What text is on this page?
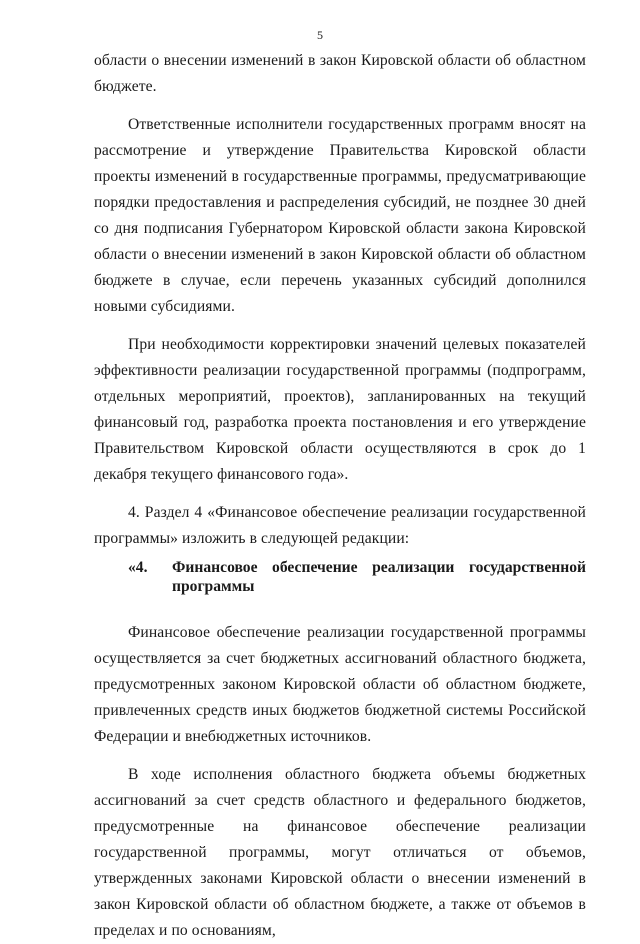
5

области о внесении изменений в закон Кировской области об областном бюджете.

Ответственные исполнители государственных программ вносят на рассмотрение и утверждение Правительства Кировской области проекты изменений в государственные программы, предусматривающие порядки предоставления и распределения субсидий, не позднее 30 дней со дня подписания Губернатором Кировской области закона Кировской области о внесении изменений в закон Кировской области об областном бюджете в случае, если перечень указанных субсидий дополнился новыми субсидиями.

При необходимости корректировки значений целевых показателей эффективности реализации государственной программы (подпрограмм, отдельных мероприятий, проектов), запланированных на текущий финансовый год, разработка проекта постановления и его утверждение Правительством Кировской области осуществляются в срок до 1 декабря текущего финансового года».

4. Раздел 4 «Финансовое обеспечение реализации государственной программы» изложить в следующей редакции:

«4.	Финансовое обеспечение реализации государственной программы

Финансовое обеспечение реализации государственной программы осуществляется за счет бюджетных ассигнований областного бюджета, предусмотренных законом Кировской области об областном бюджете, привлеченных средств иных бюджетов бюджетной системы Российской Федерации и внебюджетных источников.

В ходе исполнения областного бюджета объемы бюджетных ассигнований за счет средств областного и федерального бюджетов, предусмотренные на финансовое обеспечение реализации государственной программы, могут отличаться от объемов, утвержденных законами Кировской области о внесении изменений в закон Кировской области об областном бюджете, а также от объемов в пределах и по основаниям,
